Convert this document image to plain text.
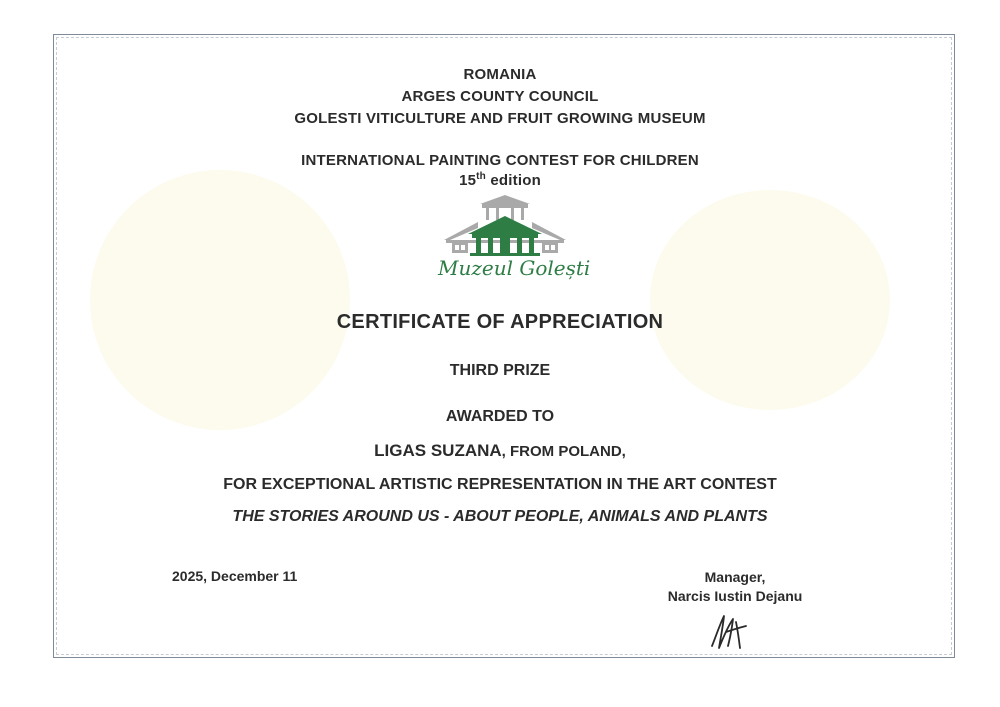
ROMANIA
ARGES COUNTY COUNCIL
GOLESTI VITICULTURE AND FRUIT GROWING MUSEUM
INTERNATIONAL PAINTING CONTEST FOR CHILDREN
15th edition
Muzeul Golești
CERTIFICATE OF APPRECIATION
THIRD PRIZE
AWARDED TO
LIGAS SUZANA, FROM POLAND,
FOR EXCEPTIONAL ARTISTIC REPRESENTATION IN THE ART CONTEST
THE STORIES AROUND US - ABOUT PEOPLE, ANIMALS AND PLANTS
2025, December 11	Manager,
Narcis Iustin Dejanu
